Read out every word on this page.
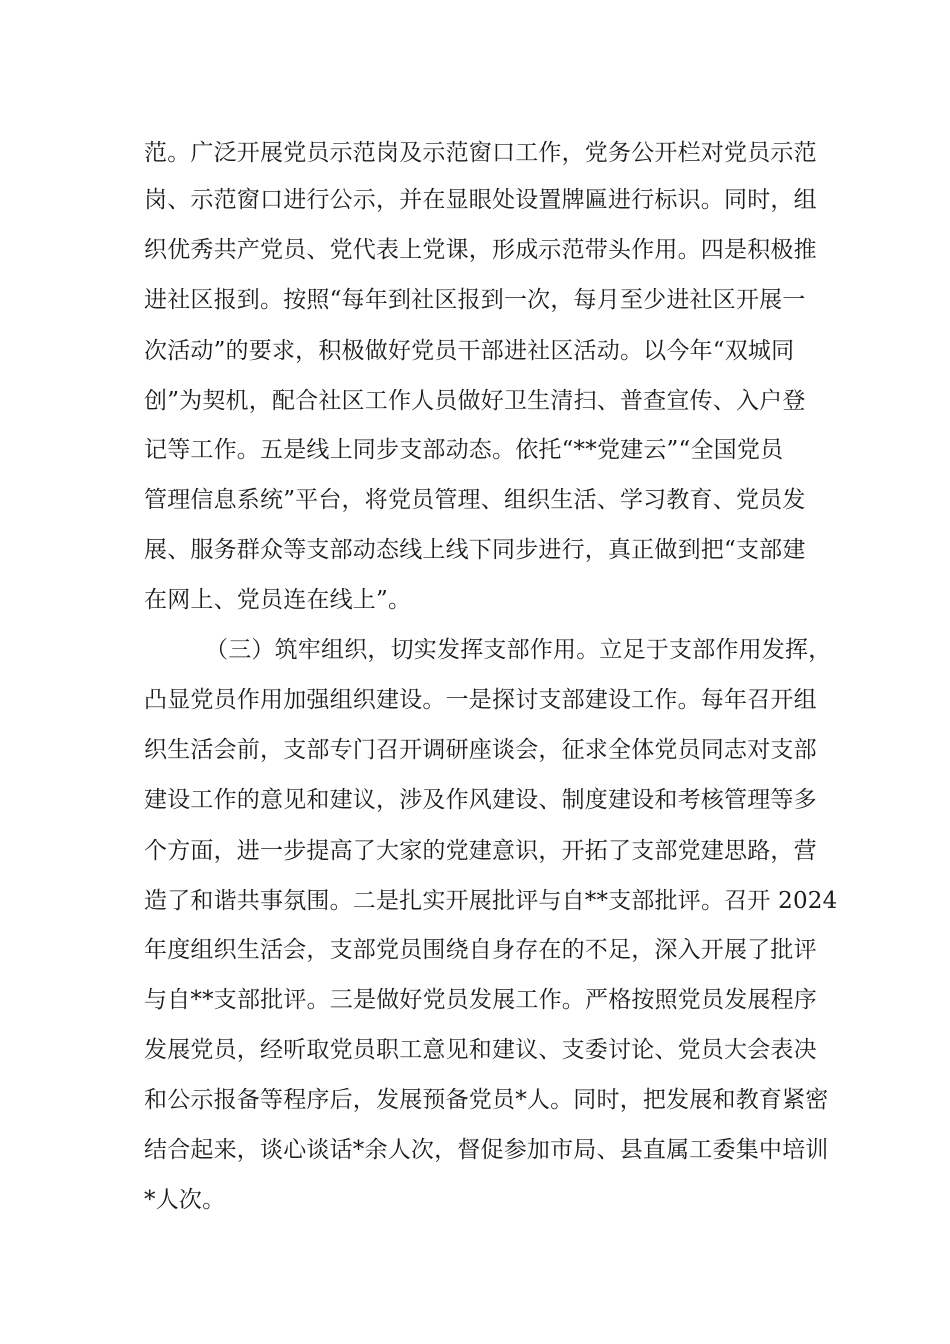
范。广泛开展党员示范岗及示范窗口工作，党务公开栏对党员示范
岗、示范窗口进行公示，并在显眼处设置牌匾进行标识。同时，组
织优秀共产党员、党代表上党课，形成示范带头作用。四是积极推
进社区报到。按照“每年到社区报到一次，每月至少进社区开展一
次活动”的要求，积极做好党员干部进社区活动。以今年“双城同
创”为契机，配合社区工作人员做好卫生清扫、普查宣传、入户登
记等工作。五是线上同步支部动态。依托“**党建云”“全国党员
管理信息系统”平台，将党员管理、组织生活、学习教育、党员发
展、服务群众等支部动态线上线下同步进行，真正做到把“支部建
在网上、党员连在线上”。
（三）筑牢组织，切实发挥支部作用。立足于支部作用发挥，
凸显党员作用加强组织建设。一是探讨支部建设工作。每年召开组
织生活会前，支部专门召开调研座谈会，征求全体党员同志对支部
建设工作的意见和建议，涉及作风建设、制度建设和考核管理等多
个方面，进一步提高了大家的党建意识，开拓了支部党建思路，营
造了和谐共事氛围。二是扎实开展批评与自**支部批评。召开 2024
年度组织生活会，支部党员围绕自身存在的不足，深入开展了批评
与自**支部批评。三是做好党员发展工作。严格按照党员发展程序
发展党员，经听取党员职工意见和建议、支委讨论、党员大会表决
和公示报备等程序后，发展预备党员*人。同时，把发展和教育紧密
结合起来，谈心谈话*余人次，督促参加市局、县直属工委集中培训
*人次。
